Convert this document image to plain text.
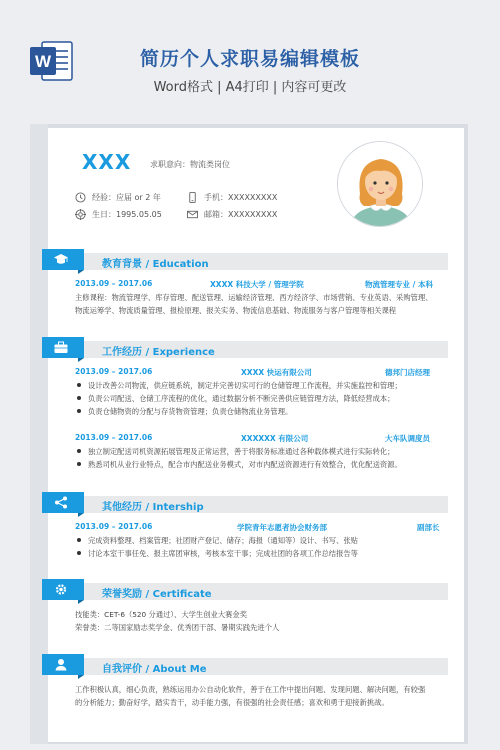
W	简历个人求职易编辑模板
Word格式 | A4打印 | 内容可更改
XXX 求职意向：物流类岗位
经验：应届 or 2 年
生日：1995.05.05
手机：XXXXXXXXX
邮箱：XXXXXXXXX
教育背景 / Education
2013.09 – 2017.06	XXXX 科技大学 / 管理学院	物流管理专业 / 本科
主修课程：物流管理学、库存管理、配送管理、运输经济管理、西方经济学、市场营销、专业英语、采购管理、
物流运筹学、物流质量管理、报检原理、报关实务、物流信息基础、物流服务与客户管理等相关课程
工作经历 / Experience
2013.09 – 2017.06	XXXX 快运有限公司	德邦门店经理
设计改善公司物流，供应链系统，制定并完善切实可行的仓储管理工作流程，并实施监控和管理；
负责公司配送、仓储工序流程的优化，通过数据分析不断完善供应链管理方法，降低经营成本；
负责仓储物资的分配与存货物资管理；负责仓储物流业务管理。
2013.09 – 2017.06	XXXXXX 有限公司	大车队调度员
独立制定配送司机资源拓展管理及正常运营，善于将服务标准通过各种载体模式进行实际转化；
熟悉司机从业行业特点，配合市内配送业务模式，对市内配送资源进行有效整合，优化配送资源。
其他经历 / Intership
2013.09 – 2017.06	学院青年志愿者协会财务部	副部长
完成资料整理、档案管理；社团财产登记、储存；海报（通知等）设计、书写、张贴
讨论本室干事任免、报主席团审核，考核本室干事；完成社团的各项工作总结报告等
荣誉奖励 / Certificate
技能类：CET-6（520 分通过）、大学生创业大赛金奖
荣誉类：二等国家励志奖学金、优秀团干部、暑期实践先进个人
自我评价 / About Me
工作积极认真，细心负责，熟练运用办公自动化软件，善于在工作中提出问题、发现问题、解决问题，有较强
的分析能力；勤奋好学，踏实肯干，动手能力强，有很强的社会责任感；喜欢和勇于迎接新挑战。
